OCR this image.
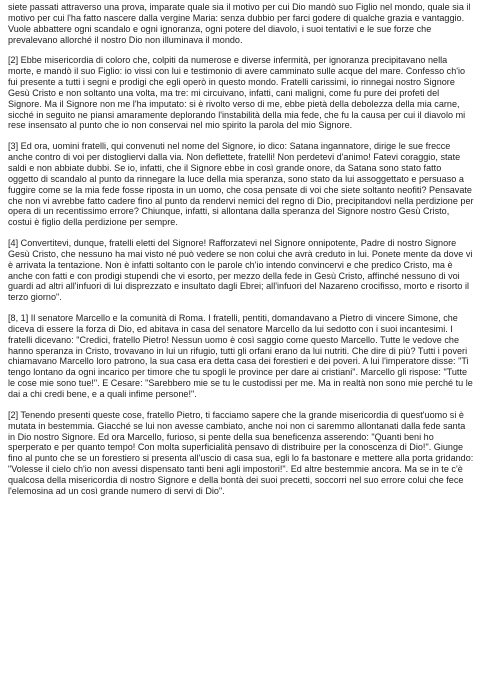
siete passati attraverso una prova, imparate quale sia il motivo per cui Dio mandò suo Figlio nel mondo, quale sia il motivo per cui l'ha fatto nascere dalla vergine Maria: senza dubbio per farci godere di qualche grazia e vantaggio. Vuole abbattere ogni scandalo e ogni ignoranza, ogni potere del diavolo, i suoi tentativi e le sue forze che prevalevano allorché il nostro Dio non illuminava il mondo.

[2] Ebbe misericordia di coloro che, colpiti da numerose e diverse infermità, per ignoranza precipitavano nella morte, e mandò il suo Figlio: io vissi con lui e testimonio di avere camminato sulle acque del mare. Confesso ch'io fui presente a tutti i segni e prodigi che egli operò in questo mondo. Fratelli carissimi, io rinnegai nostro Signore Gesù Cristo e non soltanto una volta, ma tre: mi circuivano, infatti, cani maligni, come fu pure dei profeti del Signore. Ma il Signore non me l'ha imputato: si è rivolto verso di me, ebbe pietà della debolezza della mia carne, sicché in seguito ne piansi amaramente deplorando l'instabilità della mia fede, che fu la causa per cui il diavolo mi rese insensato al punto che io non conservai nel mio spirito la parola del mio Signore.

[3] Ed ora, uomini fratelli, qui convenuti nel nome del Signore, io dico: Satana ingannatore, dirige le sue frecce anche contro di voi per distogliervi dalla via. Non deflettete, fratelli! Non perdetevi d'animo! Fatevi coraggio, state saldi e non abbiate dubbi. Se io, infatti, che il Signore ebbe in così grande onore, da Satana sono stato fatto oggetto di scandalo al punto da rinnegare la luce della mia speranza, sono stato da lui assoggettato e persuaso a fuggire come se la mia fede fosse riposta in un uomo, che cosa pensate di voi che siete soltanto neofiti? Pensavate che non vi avrebbe fatto cadere fino al punto da rendervi nemici del regno di Dio, precipitandovi nella perdizione per opera di un recentissimo errore? Chiunque, infatti, si allontana dalla speranza del Signore nostro Gesù Cristo, costui è figlio della perdizione per sempre.

[4] Convertitevi, dunque, fratelli eletti del Signore! Rafforzatevi nel Signore onnipotente, Padre di nostro Signore Gesù Cristo, che nessuno ha mai visto né può vedere se non colui che avrà creduto in lui. Ponete mente da dove vi è arrivata la tentazione. Non è infatti soltanto con le parole ch'io intendo convincervi e che predico Cristo, ma è anche con fatti e con prodigi stupendi che vi esorto, per mezzo della fede in Gesù Cristo, affinché nessuno di voi guardi ad altri all'infuori di lui disprezzato e insultato dagli Ebrei; all'infuori del Nazareno crocifisso, morto e risorto il terzo giorno".

[8, 1] Il senatore Marcello e la comunità di Roma. I fratelli, pentiti, domandavano a Pietro di vincere Simone, che diceva di essere la forza di Dio, ed abitava in casa del senatore Marcello da lui sedotto con i suoi incantesimi. I fratelli dicevano: "Credici, fratello Pietro! Nessun uomo è così saggio come questo Marcello. Tutte le vedove che hanno speranza in Cristo, trovavano in lui un rifugio, tutti gli orfani erano da lui nutriti. Che dire di più? Tutti i poveri chiamavano Marcello loro patrono, la sua casa era detta casa dei forestieri e dei poveri. A lui l'imperatore disse: "Ti tengo lontano da ogni incarico per timore che tu spogli le province per dare ai cristiani". Marcello gli rispose: "Tutte le cose mie sono tue!". E Cesare: "Sarebbero mie se tu le custodissi per me. Ma in realtà non sono mie perché tu le dai a chi credi bene, e a quali infime persone!".

[2] Tenendo presenti queste cose, fratello Pietro, ti facciamo sapere che la grande misericordia di quest'uomo si è mutata in bestemmia. Giacché se lui non avesse cambiato, anche noi non ci saremmo allontanati dalla fede santa in Dio nostro Signore. Ed ora Marcello, furioso, si pente della sua beneficenza asserendo: "Quanti beni ho sperperato e per quanto tempo! Con molta superficialità pensavo di distribuire per la conoscenza di Dio!". Giunge fino al punto che se un forestiero si presenta all'uscio di casa sua, egli lo fa bastonare e mettere alla porta gridando: "Volesse il cielo ch'io non avessi dispensato tanti beni agli impostori!". Ed altre bestemmie ancora. Ma se in te c'è qualcosa della misericordia di nostro Signore e della bontà dei suoi precetti, soccorri nel suo errore colui che fece l'elemosina ad un così grande numero di servi di Dio".
